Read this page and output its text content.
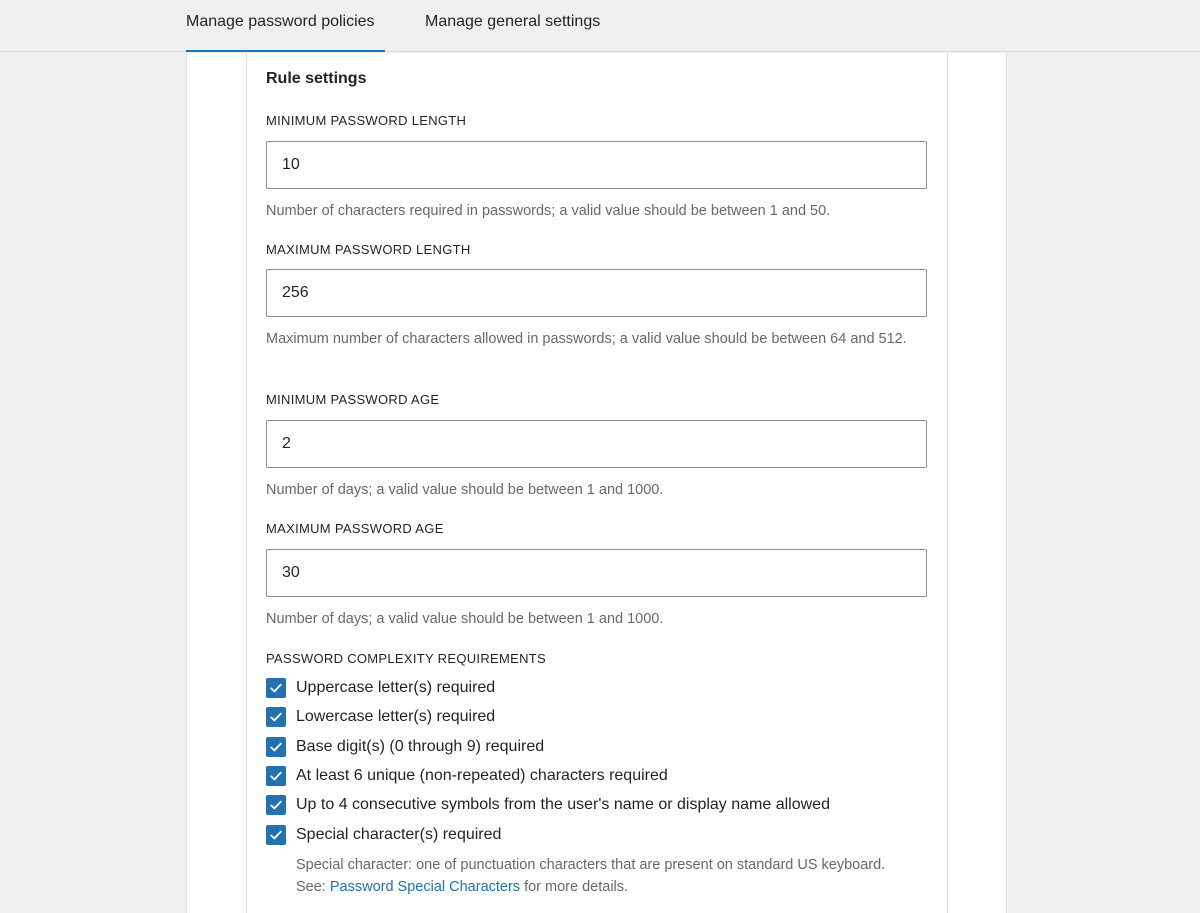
Manage password policies	Manage general settings
Rule settings
MINIMUM PASSWORD LENGTH
10
Number of characters required in passwords; a valid value should be between 1 and 50.
MAXIMUM PASSWORD LENGTH
256
Maximum number of characters allowed in passwords; a valid value should be between 64 and 512.
MINIMUM PASSWORD AGE
2
Number of days; a valid value should be between 1 and 1000.
MAXIMUM PASSWORD AGE
30
Number of days; a valid value should be between 1 and 1000.
PASSWORD COMPLEXITY REQUIREMENTS
Uppercase letter(s) required
Lowercase letter(s) required
Base digit(s) (0 through 9) required
At least 6 unique (non-repeated) characters required
Up to 4 consecutive symbols from the user's name or display name allowed
Special character(s) required
Special character: one of punctuation characters that are present on standard US keyboard. See: Password Special Characters for more details.
